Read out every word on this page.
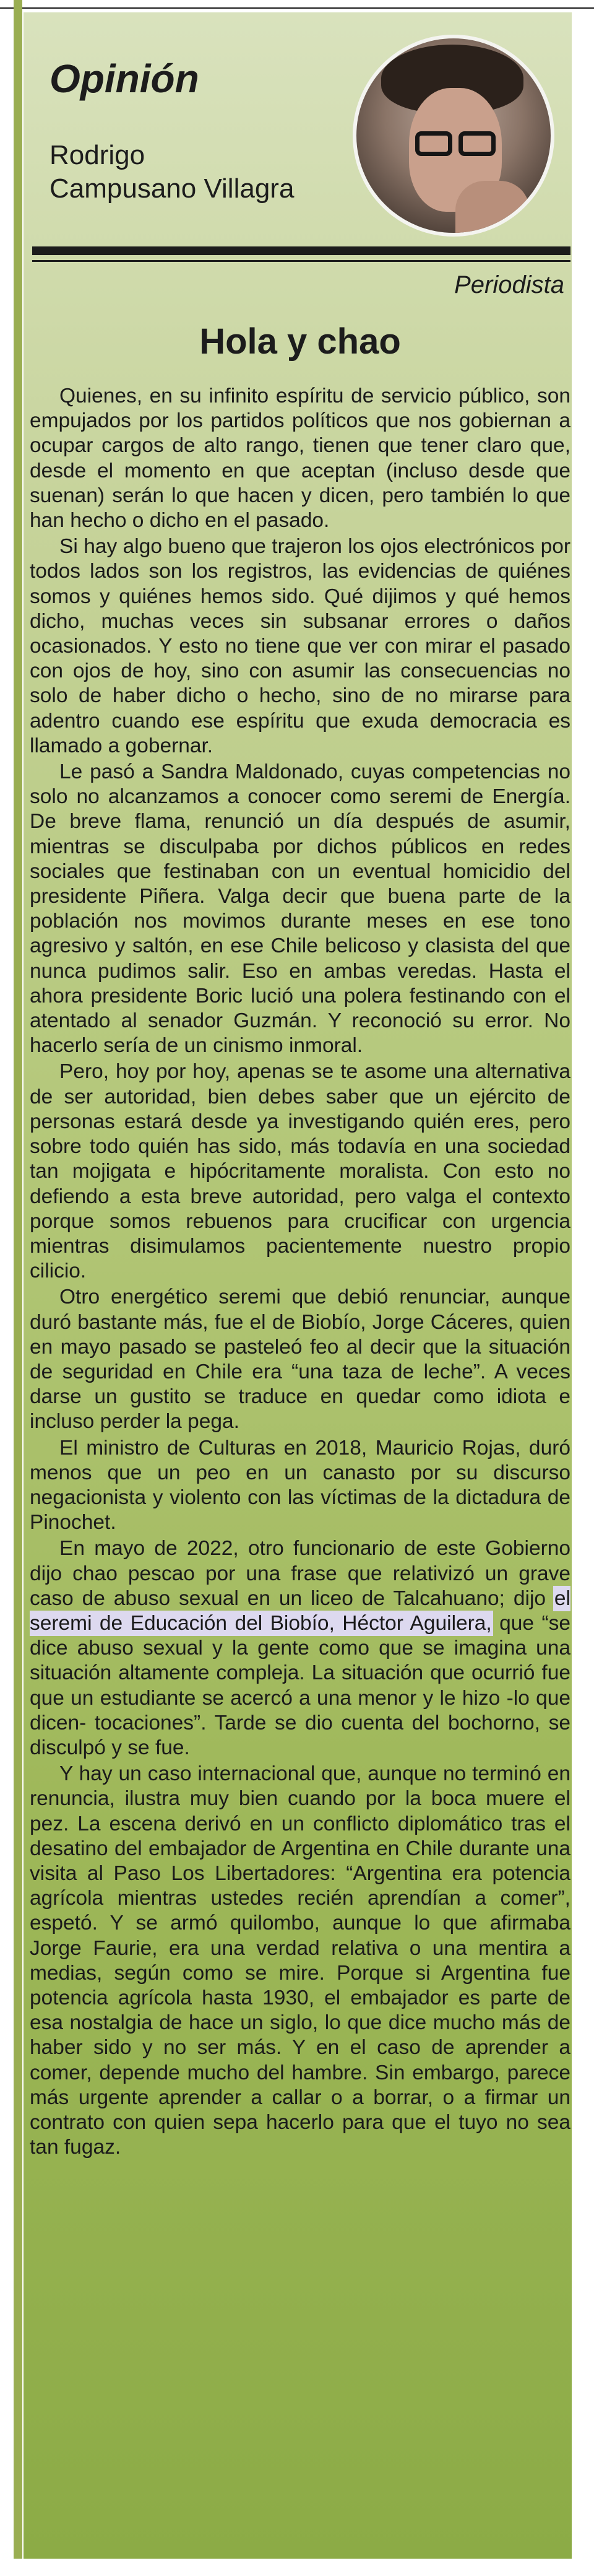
Opinión
Rodrigo
Campusano Villagra
Periodista
Hola y chao

Quienes, en su infinito espíritu de servicio público, son empujados por los partidos políticos que nos gobiernan a ocupar cargos de alto rango, tienen que tener claro que, desde el momento en que aceptan (incluso desde que suenan) serán lo que hacen y dicen, pero también lo que han hecho o dicho en el pasado.

Si hay algo bueno que trajeron los ojos electrónicos por todos lados son los registros, las evidencias de quiénes somos y quiénes hemos sido. Qué dijimos y qué hemos dicho, muchas veces sin subsanar errores o daños ocasionados. Y esto no tiene que ver con mirar el pasado con ojos de hoy, sino con asumir las consecuencias no solo de haber dicho o hecho, sino de no mirarse para adentro cuando ese espíritu que exuda democracia es llamado a gobernar.

Le pasó a Sandra Maldonado, cuyas competencias no solo no alcanzamos a conocer como seremi de Energía. De breve flama, renunció un día después de asumir, mientras se disculpaba por dichos públicos en redes sociales que festinaban con un eventual homicidio del presidente Piñera. Valga decir que buena parte de la población nos movimos durante meses en ese tono agresivo y saltón, en ese Chile belicoso y clasista del que nunca pudimos salir. Eso en ambas veredas. Hasta el ahora presidente Boric lució una polera festinando con el atentado al senador Guzmán. Y reconoció su error. No hacerlo sería de un cinismo inmoral.

Pero, hoy por hoy, apenas se te asome una alternativa de ser autoridad, bien debes saber que un ejército de personas estará desde ya investigando quién eres, pero sobre todo quién has sido, más todavía en una sociedad tan mojigata e hipócritamente moralista. Con esto no defiendo a esta breve autoridad, pero valga el contexto porque somos rebuenos para crucificar con urgencia mientras disimulamos pacientemente nuestro propio cilicio.

Otro energético seremi que debió renunciar, aunque duró bastante más, fue el de Biobío, Jorge Cáceres, quien en mayo pasado se pasteleó feo al decir que la situación de seguridad en Chile era “una taza de leche”. A veces darse un gustito se traduce en quedar como idiota e incluso perder la pega.

El ministro de Culturas en 2018, Mauricio Rojas, duró menos que un peo en un canasto por su discurso negacionista y violento con las víctimas de la dictadura de Pinochet.

En mayo de 2022, otro funcionario de este Gobierno dijo chao pescao por una frase que relativizó un grave caso de abuso sexual en un liceo de Talcahuano; dijo el seremi de Educación del Biobío, Héctor Aguilera, que “se dice abuso sexual y la gente como que se imagina una situación altamente compleja. La situación que ocurrió fue que un estudiante se acercó a una menor y le hizo -lo que dicen- tocaciones”. Tarde se dio cuenta del bochorno, se disculpó y se fue.

Y hay un caso internacional que, aunque no terminó en renuncia, ilustra muy bien cuando por la boca muere el pez. La escena derivó en un conflicto diplomático tras el desatino del embajador de Argentina en Chile durante una visita al Paso Los Libertadores: “Argentina era potencia agrícola mientras ustedes recién aprendían a comer”, espetó. Y se armó quilombo, aunque lo que afirmaba Jorge Faurie, era una verdad relativa o una mentira a medias, según como se mire. Porque si Argentina fue potencia agrícola hasta 1930, el embajador es parte de esa nostalgia de hace un siglo, lo que dice mucho más de haber sido y no ser más. Y en el caso de aprender a comer, depende mucho del hambre. Sin embargo, parece más urgente aprender a callar o a borrar, o a firmar un contrato con quien sepa hacerlo para que el tuyo no sea tan fugaz.
